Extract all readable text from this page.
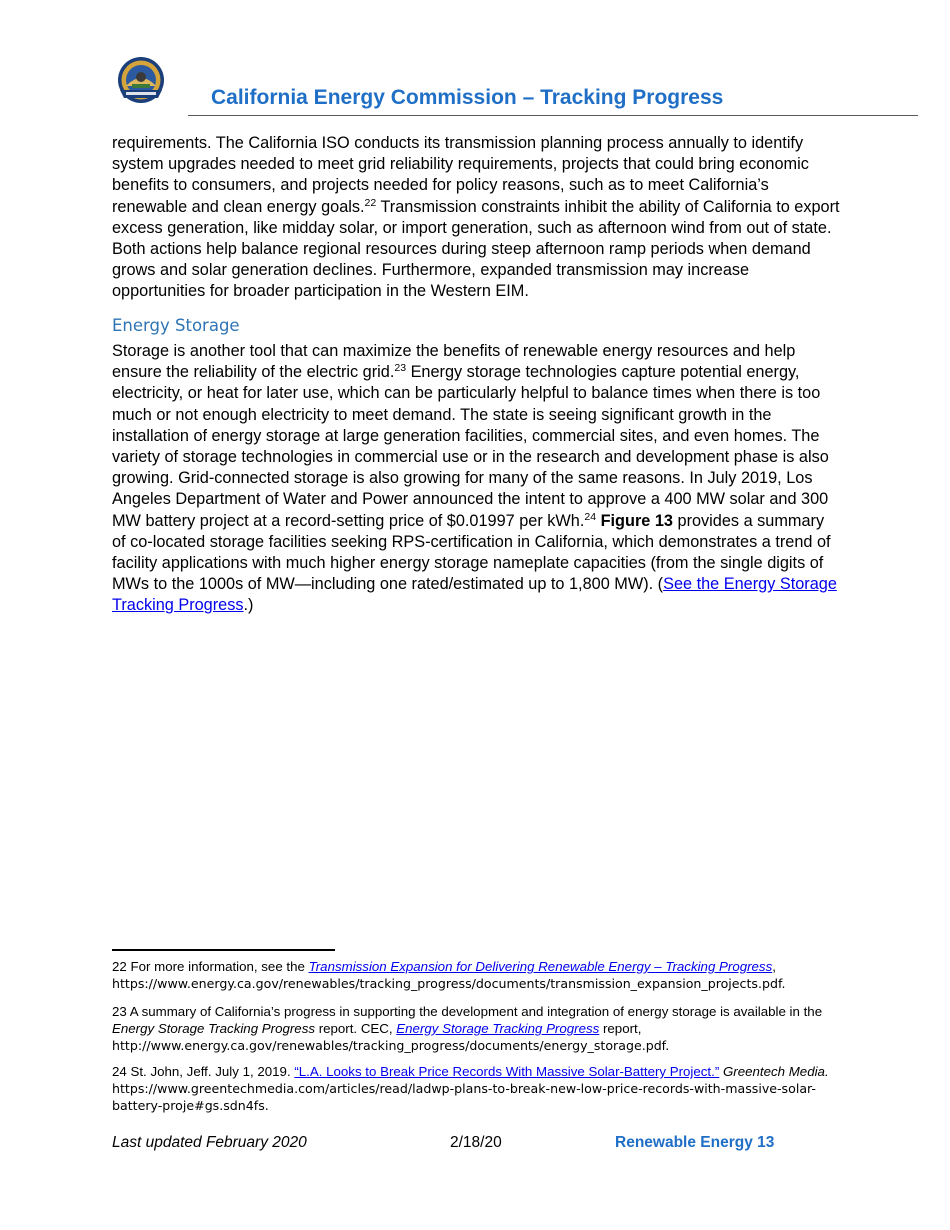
California Energy Commission – Tracking Progress
requirements. The California ISO conducts its transmission planning process annually to identify system upgrades needed to meet grid reliability requirements, projects that could bring economic benefits to consumers, and projects needed for policy reasons, such as to meet California’s renewable and clean energy goals.$^{22}$ Transmission constraints inhibit the ability of California to export excess generation, like midday solar, or import generation, such as afternoon wind from out of state. Both actions help balance regional resources during steep afternoon ramp periods when demand grows and solar generation declines. Furthermore, expanded transmission may increase opportunities for broader participation in the Western EIM.
Energy Storage
Storage is another tool that can maximize the benefits of renewable energy resources and help ensure the reliability of the electric grid.$^{23}$ Energy storage technologies capture potential energy, electricity, or heat for later use, which can be particularly helpful to balance times when there is too much or not enough electricity to meet demand. The state is seeing significant growth in the installation of energy storage at large generation facilities, commercial sites, and even homes. The variety of storage technologies in commercial use or in the research and development phase is also growing. Grid-connected storage is also growing for many of the same reasons. In July 2019, Los Angeles Department of Water and Power announced the intent to approve a 400 MW solar and 300 MW battery project at a record-setting price of $0.01997 per kWh.$^{24}$ Figure 13 provides a summary of co-located storage facilities seeking RPS-certification in California, which demonstrates a trend of facility applications with much higher energy storage nameplate capacities (from the single digits of MWs to the 1000s of MW—including one rated/estimated up to 1,800 MW). (See the Energy Storage Tracking Progress.)
22 For more information, see the Transmission Expansion for Delivering Renewable Energy – Tracking Progress,
https://www.energy.ca.gov/renewables/tracking_progress/documents/transmission_expansion_projects.pdf.
23 A summary of California’s progress in supporting the development and integration of energy storage is available in the Energy Storage Tracking Progress report. CEC, Energy Storage Tracking Progress report,
http://www.energy.ca.gov/renewables/tracking_progress/documents/energy_storage.pdf.
24 St. John, Jeff. July 1, 2019. “L.A. Looks to Break Price Records With Massive Solar-Battery Project.” Greentech Media. https://www.greentechmedia.com/articles/read/ladwp-plans-to-break-new-low-price-records-with-massive-solar-battery-proje#gs.sdn4fs.
Last updated February 2020	2/18/20	Renewable Energy 13
